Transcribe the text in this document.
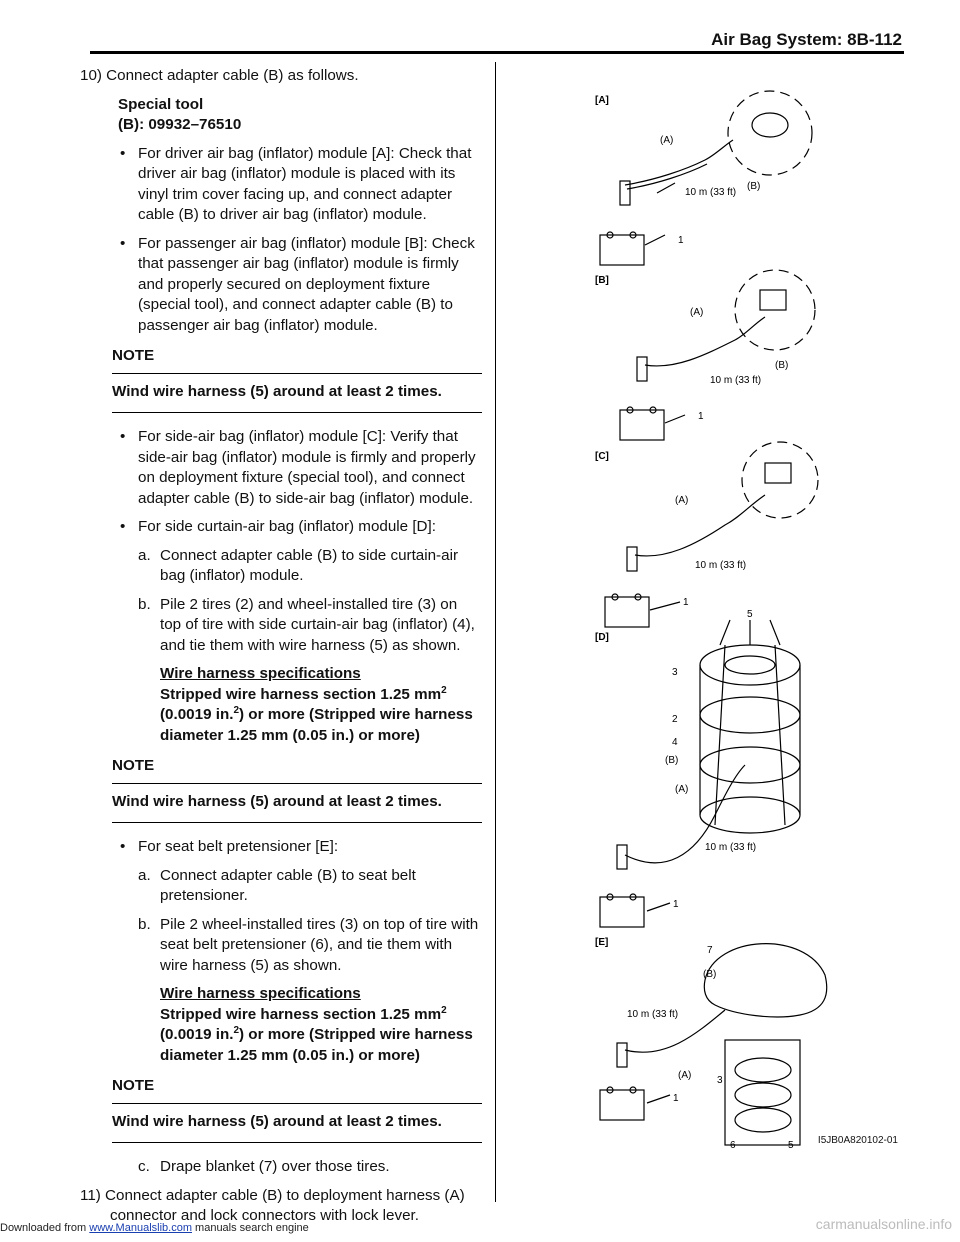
Air Bag System: 8B-112

10) Connect adapter cable (B) as follows.

Special tool
(B): 09932–76510

• For driver air bag (inflator) module [A]: Check that driver air bag (inflator) module is placed with its vinyl trim cover facing up, and connect adapter cable (B) to driver air bag (inflator) module.
• For passenger air bag (inflator) module [B]: Check that passenger air bag (inflator) module is firmly and properly secured on deployment fixture (special tool), and connect adapter cable (B) to passenger air bag (inflator) module.
NOTE
Wind wire harness (5) around at least 2 times.
• For side-air bag (inflator) module [C]: Verify that side-air bag (inflator) module is firmly and properly on deployment fixture (special tool), and connect adapter cable (B) to side-air bag (inflator) module.
• For side curtain-air bag (inflator) module [D]:
a. Connect adapter cable (B) to side curtain-air bag (inflator) module.
b. Pile 2 tires (2) and wheel-installed tire (3) on top of tire with side curtain-air bag (inflator) (4), and tie them with wire harness (5) as shown.

Wire harness specifications

Stripped wire harness section 1.25 $mm^2$
(0.0019 in.$^2$) or more (Stripped wire harness diameter 1.25 mm (0.05 in.) or more)

NOTE
Wind wire harness (5) around at least 2 times.
• For seat belt pretensioner [E]:
a. Connect adapter cable (B) to seat belt pretensioner.
b. Pile 2 wheel-installed tires (3) on top of tire with seat belt pretensioner (6), and tie them with wire harness (5) as shown.

Wire harness specifications

Stripped wire harness section 1.25 $mm^2$
(0.0019 in.$^2$) or more (Stripped wire harness diameter 1.25 mm (0.05 in.) or more)

NOTE
Wind wire harness (5) around at least 2 times.
c. Drape blanket (7) over those tires.

11) Connect adapter cable (B) to deployment harness (A) connector and lock connectors with lock lever.

[A]
(A)
10 m (33 ft)
(B)
1
[B]
(A)
(B)
10 m (33 ft)
1
[C]
(A)
10 m (33 ft)
1
[D]
5
3
2
4
(B)
(A)
10 m (33 ft)
1
[E]
7
(B)
10 m (33 ft)
(A)
1
3
6	5 I5JB0A820102-01
Downloaded from www.Manualslib.com manuals search engine	carmanualsonline.info
